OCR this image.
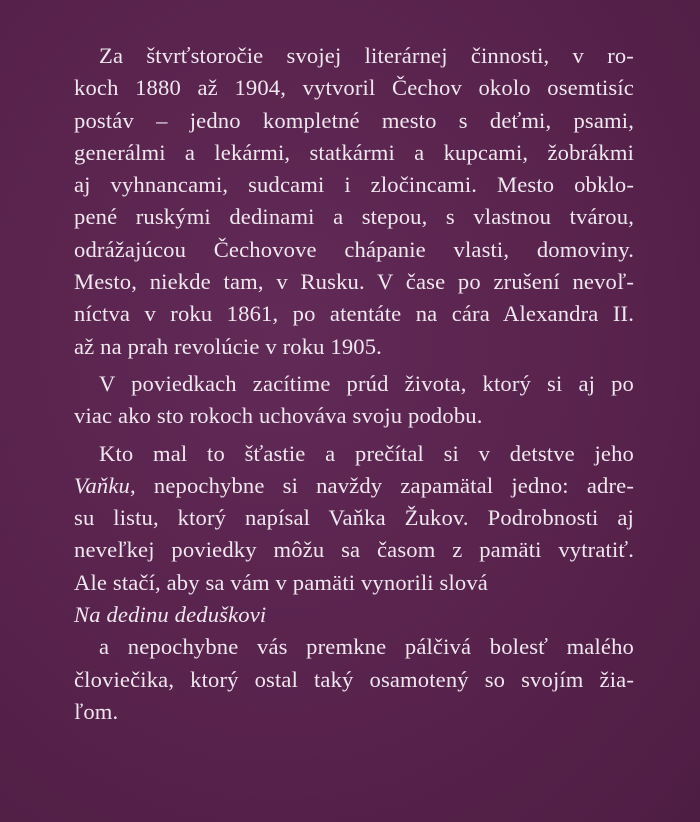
Za štvrťstoročie svojej literárnej činnosti, v ro-
koch 1880 až 1904, vytvoril Čechov okolo osemtisíc
postáv – jedno kompletné mesto s deťmi, psami,
generálmi a lekármi, statkármi a kupcami, žobrákmi
aj vyhnancami, sudcami i zločincami. Mesto obklo-
pené ruskými dedinami a stepou, s vlastnou tvárou,
odrážajúcou Čechovove chápanie vlasti, domoviny.
Mesto, niekde tam, v Rusku. V čase po zrušení nevoľ-
níctva v roku 1861, po atentáte na cára Alexandra II.
až na prah revolúcie v roku 1905.
V poviedkach zacítime prúd života, ktorý si aj po
viac ako sto rokoch uchováva svoju podobu.
Kto mal to šťastie a prečítal si v detstve jeho
Vaňku, nepochybne si navždy zapamätal jedno: adre-
su listu, ktorý napísal Vaňka Žukov. Podrobnosti aj
neveľkej poviedky môžu sa časom z pamäti vytratiť.
Ale stačí, aby sa vám v pamäti vynorili slová
Na dedinu deduškovi
a nepochybne vás premkne pálčivá bolesť malého
človiečika, ktorý ostal taký osamotený so svojím žia-
ľom.
